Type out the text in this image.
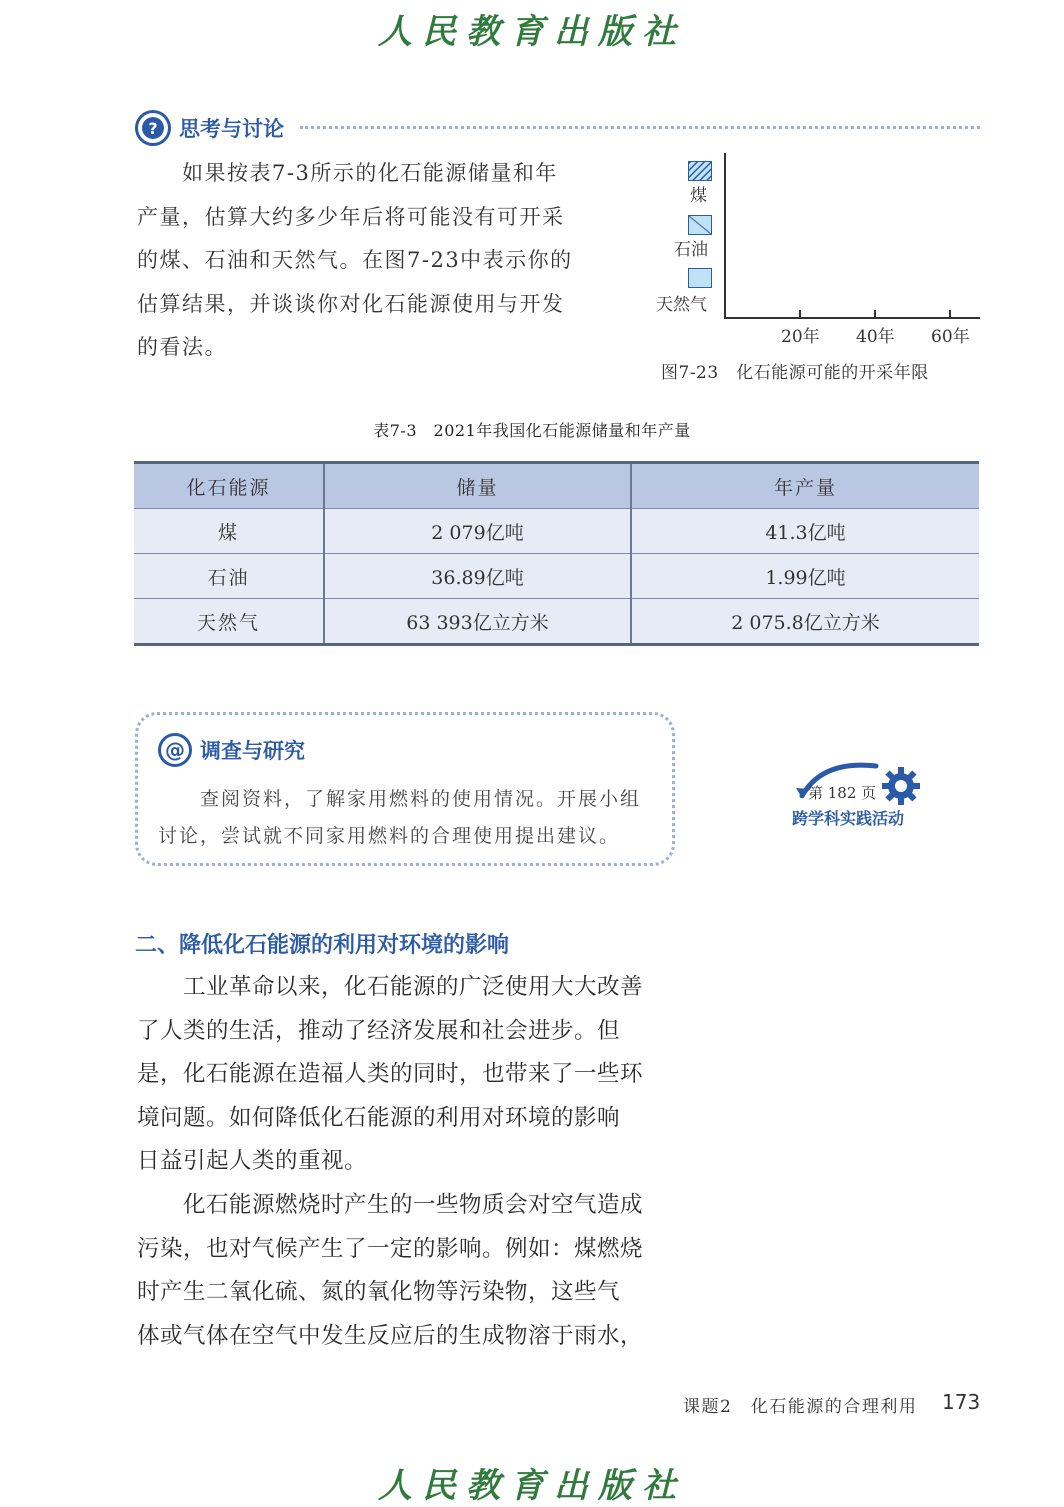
人民教育出版社
?	思考与讨论
　　如果按表7-3所示的化石能源储量和年
产量，估算大约多少年后将可能没有可开采
的煤、石油和天然气。在图7-23中表示你的
估算结果，并谈谈你对化石能源使用与开发
的看法。
煤
石油
天然气
20年 40年 60年
图7-23　化石能源可能的开采年限
表7-3　2021年我国化石能源储量和年产量
化石能源	储量	年产量
煤	2 079亿吨	41.3亿吨
石油	36.89亿吨	1.99亿吨
天然气	63 393亿立方米	2 075.8亿立方米
@ 调查与研究
　　查阅资料，了解家用燃料的使用情况。开展小组
讨论，尝试就不同家用燃料的合理使用提出建议。
第 182 页
跨学科实践活动
二、降低化石能源的利用对环境的影响
　　工业革命以来，化石能源的广泛使用大大改善
了人类的生活，推动了经济发展和社会进步。但
是，化石能源在造福人类的同时，也带来了一些环
境问题。如何降低化石能源的利用对环境的影响
日益引起人类的重视。
　　化石能源燃烧时产生的一些物质会对空气造成
污染，也对气候产生了一定的影响。例如：煤燃烧
时产生二氧化硫、氮的氧化物等污染物，这些气
体或气体在空气中发生反应后的生成物溶于雨水，
课题2　化石能源的合理利用 173
人民教育出版社
